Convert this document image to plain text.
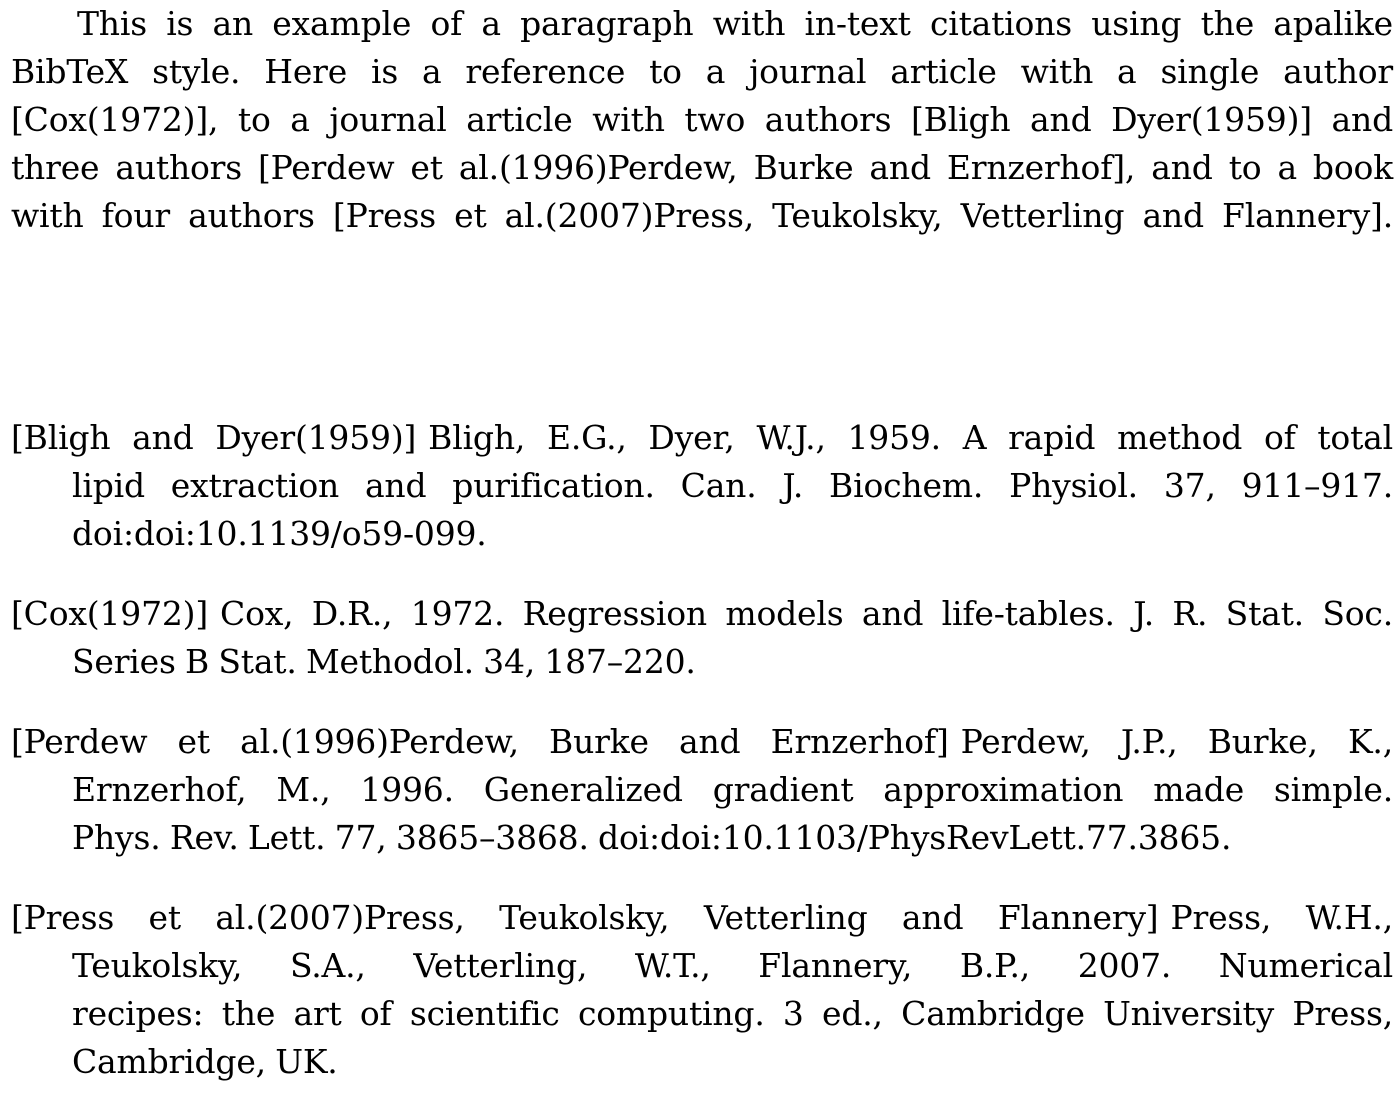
This is an example of a paragraph with in-text citations using the apalike
BibTeX style. Here is a reference to a journal article with a single author
[Cox(1972)], to a journal article with two authors [Bligh and Dyer(1959)] and
three authors [Perdew et al.(1996)Perdew, Burke and Ernzerhof], and to a book
with four authors [Press et al.(2007)Press, Teukolsky, Vetterling and Flannery].
[Bligh and Dyer(1959)] Bligh, E.G., Dyer, W.J., 1959. A rapid method of total
lipid extraction and purification. Can. J. Biochem. Physiol. 37, 911–917.
doi:doi:10.1139/o59-099.
[Cox(1972)] Cox, D.R., 1972. Regression models and life-tables. J. R. Stat. Soc.
Series B Stat. Methodol. 34, 187–220.
[Perdew et al.(1996)Perdew, Burke and Ernzerhof] Perdew, J.P., Burke, K.,
Ernzerhof, M., 1996. Generalized gradient approximation made simple.
Phys. Rev. Lett. 77, 3865–3868. doi:doi:10.1103/PhysRevLett.77.3865.
[Press et al.(2007)Press, Teukolsky, Vetterling and Flannery] Press, W.H.,
Teukolsky, S.A., Vetterling, W.T., Flannery, B.P., 2007. Numerical
recipes: the art of scientific computing. 3 ed., Cambridge University Press,
Cambridge, UK.
